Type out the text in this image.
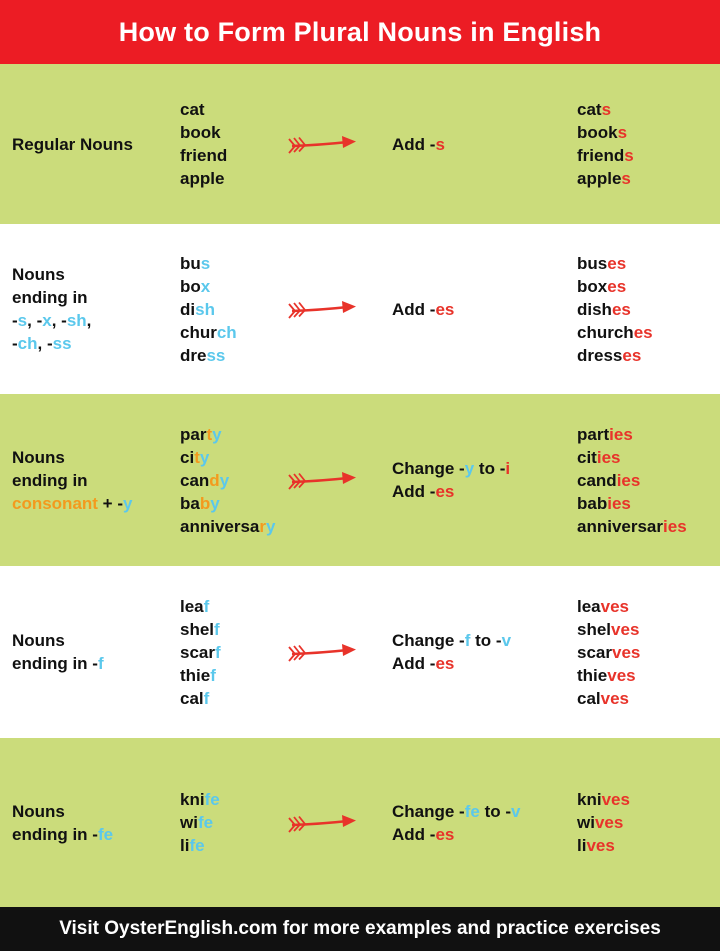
How to Form Plural Nouns in English
Regular Nouns
cat
book
friend
apple
Add -s
cats
books
friends
apples
Nouns
ending in
-s, -x, -sh,
-ch, -ss
bus
box
dish
church
dress
Add -es
buses
boxes
dishes
churches
dresses
Nouns
ending in
consonant + -y
party
city
candy
baby
anniversary
Change -y to -i
Add -es
parties
cities
candies
babies
anniversaries
Nouns
ending in -f
leaf
shelf
scarf
thief
calf
Change -f to -v
Add -es
leaves
shelves
scarves
thieves
calves
Nouns
ending in -fe
knife
wife
life
Change -fe to -v
Add -es
knives
wives
lives
Visit OysterEnglish.com for more examples and practice exercises
